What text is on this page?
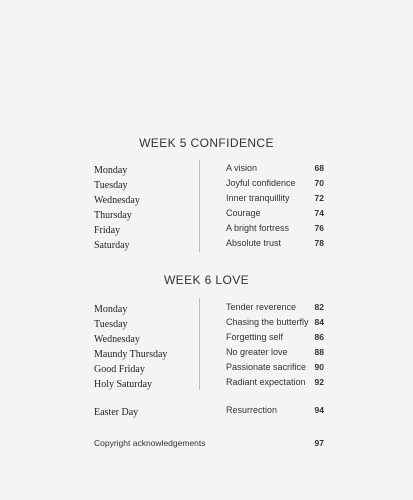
WEEK 5 CONFIDENCE
Monday	A vision	68
Tuesday	Joyful confidence 70
Wednesday	Inner tranquillity	72
Thursday	Courage	74
Friday	A bright fortress	76
Saturday	Absolute trust	78
WEEK 6 LOVE
Monday	Tender reverence 82
Tuesday	Chasing the butterfly 84
Wednesday	Forgetting self	86
Maundy Thursday	No greater love	88
Good Friday	Passionate sacrifice 90
Holy Saturday	Radiant expectation 92
Easter Day	Resurrection	94
Copyright acknowledgements	97
